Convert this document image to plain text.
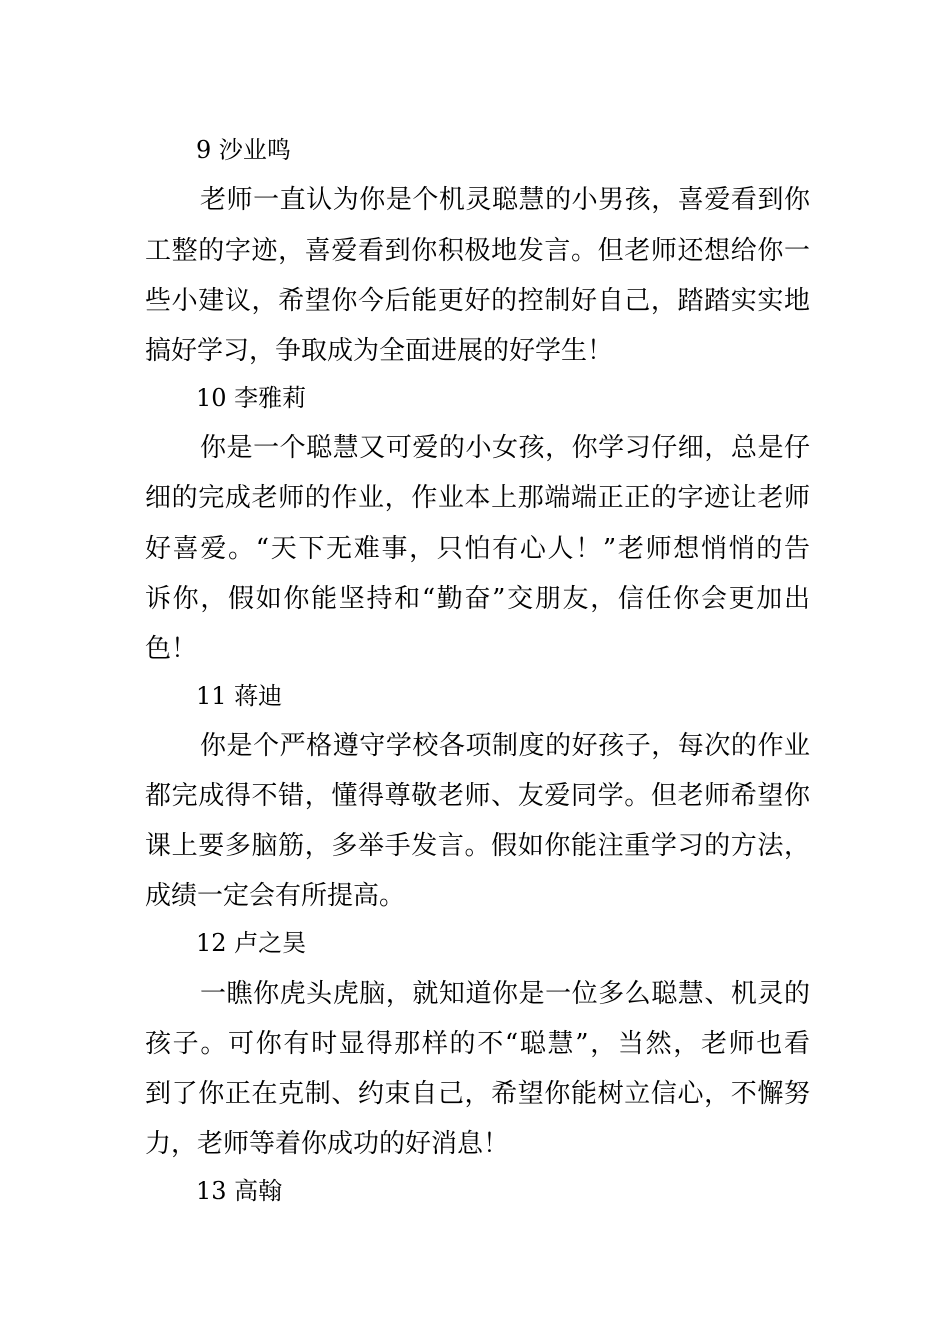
9 沙业鸣
老师一直认为你是个机灵聪慧的小男孩，喜爱看到你
工整的字迹，喜爱看到你积极地发言。但老师还想给你一
些小建议，希望你今后能更好的控制好自己，踏踏实实地
搞好学习，争取成为全面进展的好学生！
10 李雅莉
你是一个聪慧又可爱的小女孩，你学习仔细，总是仔
细的完成老师的作业，作业本上那端端正正的字迹让老师
好喜爱。“天下无难事，只怕有心人！”老师想悄悄的告
诉你，假如你能坚持和“勤奋”交朋友，信任你会更加出
色！
11 蒋迪
你是个严格遵守学校各项制度的好孩子，每次的作业
都完成得不错，懂得尊敬老师、友爱同学。但老师希望你
课上要多脑筋，多举手发言。假如你能注重学习的方法，
成绩一定会有所提高。
12 卢之昊
一瞧你虎头虎脑，就知道你是一位多么聪慧、机灵的
孩子。可你有时显得那样的不“聪慧”，当然，老师也看
到了你正在克制、约束自己，希望你能树立信心，不懈努
力，老师等着你成功的好消息！
13 高翰
